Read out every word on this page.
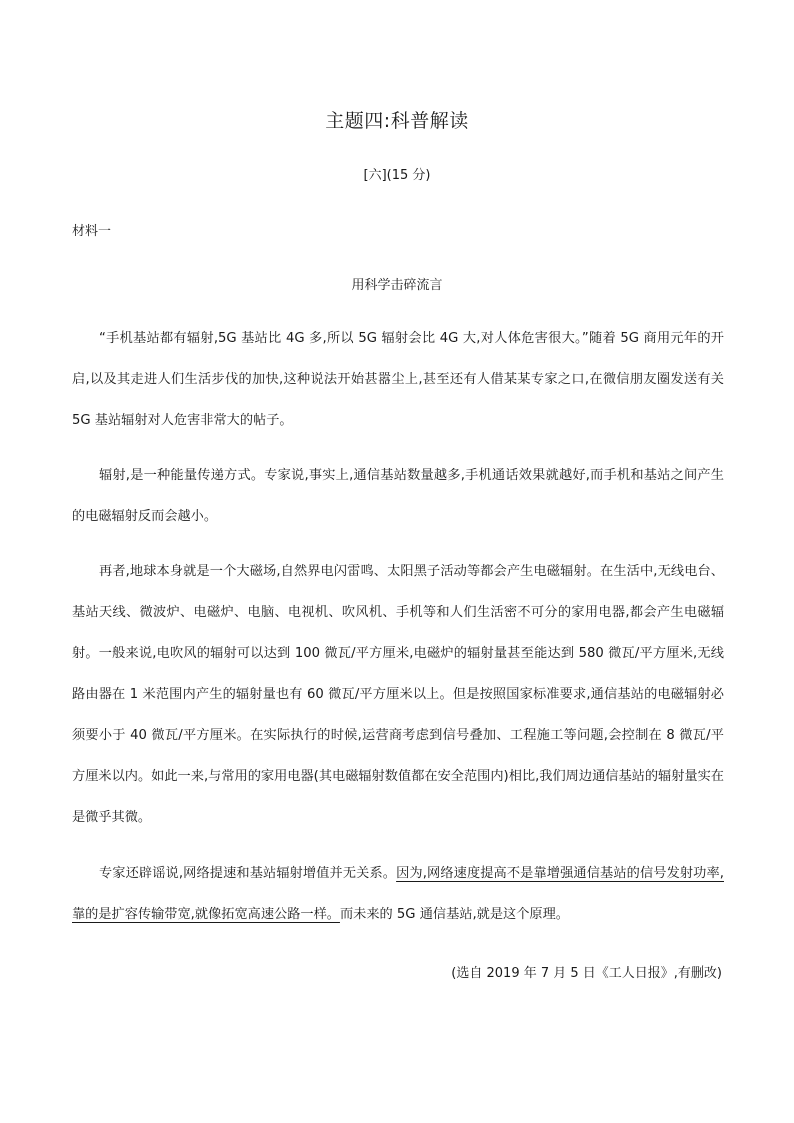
主题四:科普解读
[六](15 分)
材料一
用科学击碎流言

“手机基站都有辐射,5G 基站比 4G 多,所以 5G 辐射会比 4G 大,对人体危害很大。”随着 5G 商用元年的开启,以及其走进人们生活步伐的加快,这种说法开始甚嚣尘上,甚至还有人借某某专家之口,在微信朋友圈发送有关 5G 基站辐射对人危害非常大的帖子。

辐射,是一种能量传递方式。专家说,事实上,通信基站数量越多,手机通话效果就越好,而手机和基站之间产生的电磁辐射反而会越小。

再者,地球本身就是一个大磁场,自然界电闪雷鸣、太阳黑子活动等都会产生电磁辐射。在生活中,无线电台、基站天线、微波炉、电磁炉、电脑、电视机、吹风机、手机等和人们生活密不可分的家用电器,都会产生电磁辐射。一般来说,电吹风的辐射可以达到 100 微瓦/平方厘米,电磁炉的辐射量甚至能达到 580 微瓦/平方厘米,无线路由器在 1 米范围内产生的辐射量也有 60 微瓦/平方厘米以上。但是按照国家标准要求,通信基站的电磁辐射必须要小于 40 微瓦/平方厘米。在实际执行的时候,运营商考虑到信号叠加、工程施工等问题,会控制在 8 微瓦/平方厘米以内。如此一来,与常用的家用电器(其电磁辐射数值都在安全范围内)相比,我们周边通信基站的辐射量实在是微乎其微。

专家还辟谣说,网络提速和基站辐射增值并无关系。因为,网络速度提高不是靠增强通信基站的信号发射功率,靠的是扩容传输带宽,就像拓宽高速公路一样。而未来的 5G 通信基站,就是这个原理。

(选自 2019 年 7 月 5 日《工人日报》,有删改)
